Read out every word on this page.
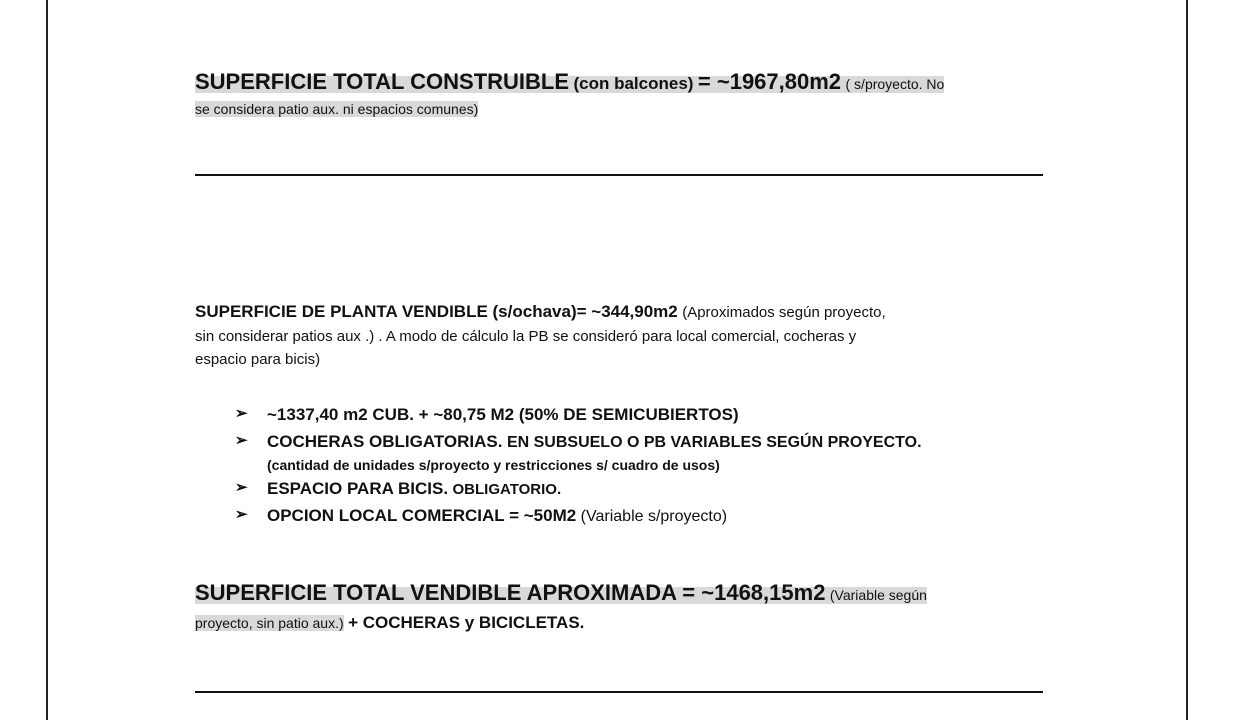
SUPERFICIE TOTAL CONSTRUIBLE (con balcones) = ~1967,80m2 ( s/proyecto. No
se considera patio aux. ni espacios comunes)
SUPERFICIE DE PLANTA VENDIBLE (s/ochava)= ~344,90m2 (Aproximados según proyecto,
sin considerar patios aux .) . A modo de cálculo la PB se consideró para local comercial, cocheras y
espacio para bicis)
➢ ~1337,40 m2 CUB. + ~80,75 M2 (50% DE SEMICUBIERTOS)
➢ COCHERAS OBLIGATORIAS. EN SUBSUELO O PB VARIABLES SEGÚN PROYECTO.
(cantidad de unidades s/proyecto y restricciones s/ cuadro de usos)
➢ ESPACIO PARA BICIS. OBLIGATORIO.
➢ OPCION LOCAL COMERCIAL = ~50M2 (Variable s/proyecto)
SUPERFICIE TOTAL VENDIBLE APROXIMADA = ~1468,15m2 (Variable según
proyecto, sin patio aux.) + COCHERAS y BICICLETAS.
